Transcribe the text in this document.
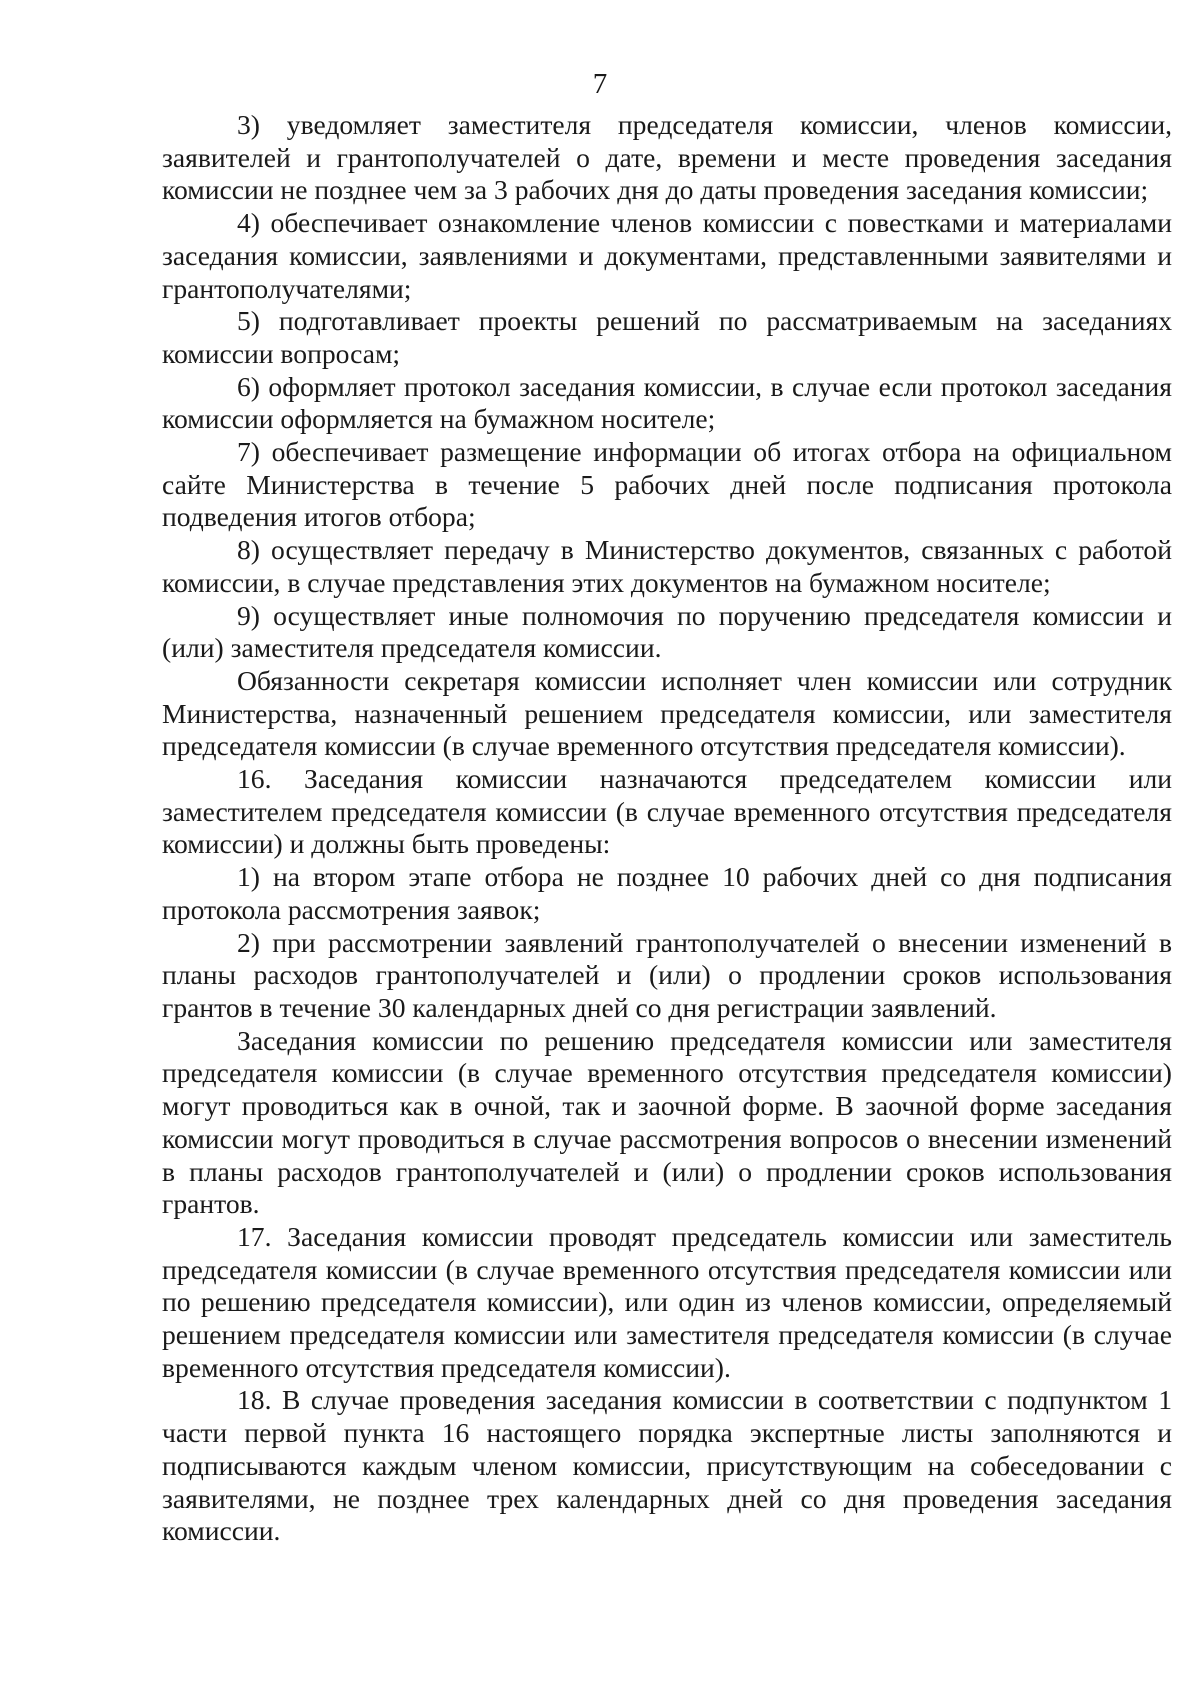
7

3) уведомляет заместителя председателя комиссии, членов комиссии, заявителей и грантополучателей о дате, времени и месте проведения заседания комиссии не позднее чем за 3 рабочих дня до даты проведения заседания комиссии;

4) обеспечивает ознакомление членов комиссии с повестками и материалами заседания комиссии, заявлениями и документами, представленными заявителями и грантополучателями;

5) подготавливает проекты решений по рассматриваемым на заседаниях комиссии вопросам;

6) оформляет протокол заседания комиссии, в случае если протокол заседания комиссии оформляется на бумажном носителе;

7) обеспечивает размещение информации об итогах отбора на официальном сайте Министерства в течение 5 рабочих дней после подписания протокола подведения итогов отбора;

8) осуществляет передачу в Министерство документов, связанных с работой комиссии, в случае представления этих документов на бумажном носителе;

9) осуществляет иные полномочия по поручению председателя комиссии и (или) заместителя председателя комиссии.

Обязанности секретаря комиссии исполняет член комиссии или сотрудник Министерства, назначенный решением председателя комиссии, или заместителя председателя комиссии (в случае временного отсутствия председателя комиссии).

16. Заседания комиссии назначаются председателем комиссии или заместителем председателя комиссии (в случае временного отсутствия председателя комиссии) и должны быть проведены:

1) на втором этапе отбора не позднее 10 рабочих дней со дня подписания протокола рассмотрения заявок;

2) при рассмотрении заявлений грантополучателей о внесении изменений в планы расходов грантополучателей и (или) о продлении сроков использования грантов в течение 30 календарных дней со дня регистрации заявлений.

Заседания комиссии по решению председателя комиссии или заместителя председателя комиссии (в случае временного отсутствия председателя комиссии) могут проводиться как в очной, так и заочной форме. В заочной форме заседания комиссии могут проводиться в случае рассмотрения вопросов о внесении изменений в планы расходов грантополучателей и (или) о продлении сроков использования грантов.

17. Заседания комиссии проводят председатель комиссии или заместитель председателя комиссии (в случае временного отсутствия председателя комиссии или по решению председателя комиссии), или один из членов комиссии, определяемый решением председателя комиссии или заместителя председателя комиссии (в случае временного отсутствия председателя комиссии).

18. В случае проведения заседания комиссии в соответствии с подпунктом 1 части первой пункта 16 настоящего порядка экспертные листы заполняются и подписываются каждым членом комиссии, присутствующим на собеседовании с заявителями, не позднее трех календарных дней со дня проведения заседания комиссии.
